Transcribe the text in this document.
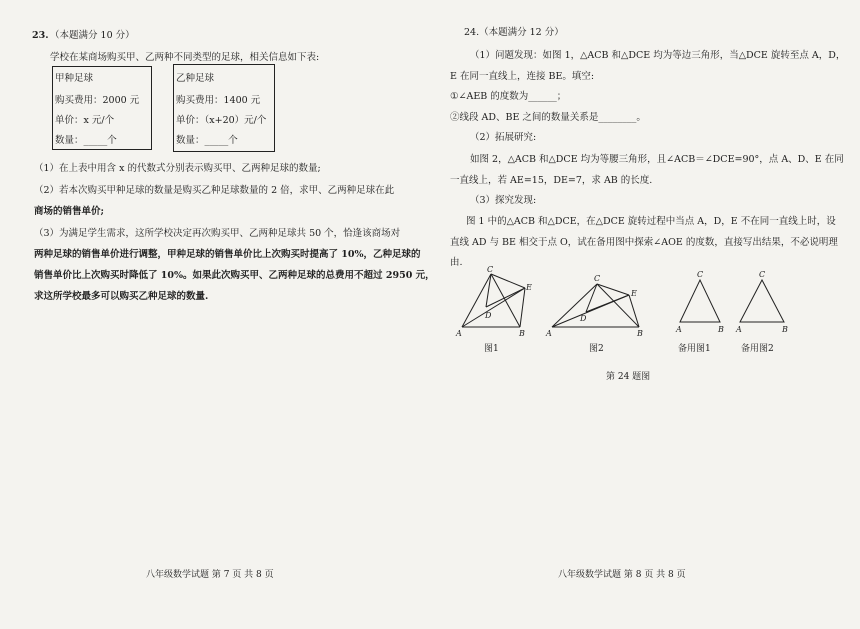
23. （本题满分 10 分）
学校在某商场购买甲、乙两种不同类型的足球，相关信息如下表:
甲种足球
购买费用：2000 元
单价：x 元/个
数量：_____个
乙种足球
购买费用：1400 元
单价：（x+20）元/个
数量：_____个
（1）在上表中用含 x 的代数式分别表示购买甲、乙两种足球的数量;
（2）若本次购买甲种足球的数量是购买乙种足球数量的 2 倍，求甲、乙两种足球在此
商场的销售单价;
（3）为满足学生需求，这所学校决定再次购买甲、乙两种足球共 50 个，恰逢该商场对
两种足球的销售单价进行调整，甲种足球的销售单价比上次购买时提高了 10%，乙种足球的
销售单价比上次购买时降低了 10%。如果此次购买甲、乙两种足球的总费用不超过 2950 元，
求这所学校最多可以购买乙种足球的数量.
八年级数学试题 第 7 页 共 8 页
24.（本题满分 12 分）
（1）问题发现：如图 1，△ACB 和△DCE 均为等边三角形，当△DCE 旋转至点 A，D，
E 在同一直线上，连接 BE。填空:
①∠AEB 的度数为______；
②线段 AD、BE 之间的数量关系是________。
（2）拓展研究:
如图 2，△ACB 和△DCE 均为等腰三角形，且∠ACB＝∠DCE=90°，点 A、D、E 在同
一直线上，若 AE=15，DE=7，求 AB 的长度.
（3）探究发现:
图 1 中的△ACB 和△DCE，在△DCE 旋转过程中当点 A，D，E 不在同一直线上时，设
直线 AD 与 BE 相交于点 O，试在备用图中探索∠AOE 的度数，直接写出结果，不必说明理
由.
C
A	B
D
E
C
A	B
D
E
C
A	B
C
A	B
图1	图2	备用图1	备用图2
第 24 题图
八年级数学试题 第 8 页 共 8 页
